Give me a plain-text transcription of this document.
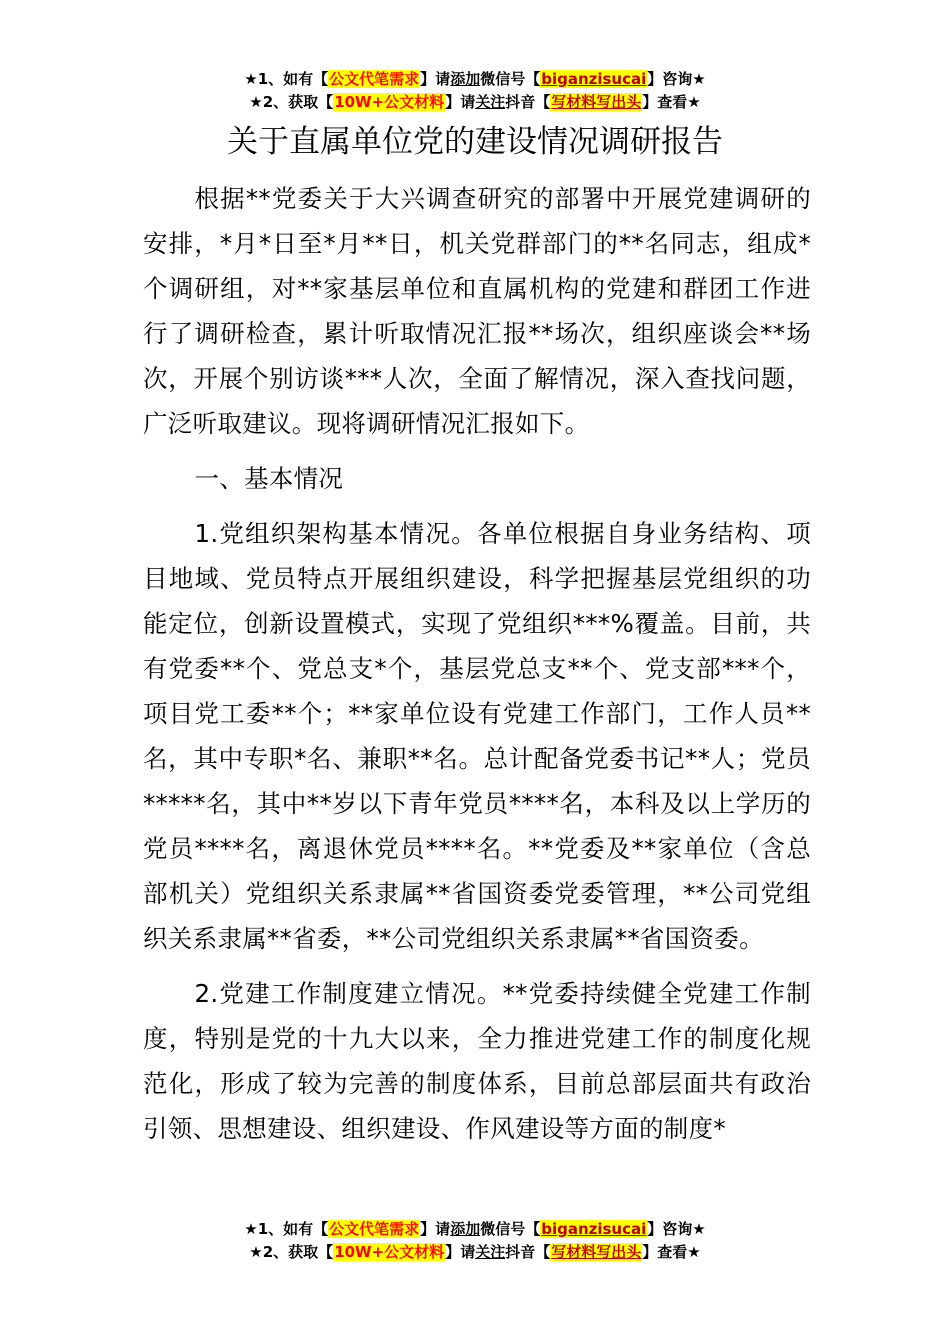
★1、如有【公文代笔需求】请添加微信号【biganzisucai】咨询★
★2、获取【10W+公文材料】请关注抖音【写材料写出头】查看★
关于直属单位党的建设情况调研报告

根据**党委关于大兴调查研究的部署中开展党建调研的安排，*月*日至*月**日，机关党群部门的**名同志，组成*个调研组，对**家基层单位和直属机构的党建和群团工作进行了调研检查，累计听取情况汇报**场次，组织座谈会**场次，开展个别访谈***人次，全面了解情况，深入查找问题，广泛听取建议。现将调研情况汇报如下。

一、基本情况

1.党组织架构基本情况。各单位根据自身业务结构、项目地域、党员特点开展组织建设，科学把握基层党组织的功能定位，创新设置模式，实现了党组织***%覆盖。目前，共有党委**个、党总支*个，基层党总支**个、党支部***个，项目党工委**个；**家单位设有党建工作部门，工作人员**名，其中专职*名、兼职**名。总计配备党委书记**人；党员*****名，其中**岁以下青年党员****名，本科及以上学历的党员****名，离退休党员****名。**党委及**家单位（含总部机关）党组织关系隶属**省国资委党委管理，**公司党组织关系隶属**省委，**公司党组织关系隶属**省国资委。

2.党建工作制度建立情况。**党委持续健全党建工作制度，特别是党的十九大以来，全力推进党建工作的制度化规范化，形成了较为完善的制度体系，目前总部层面共有政治引领、思想建设、组织建设、作风建设等方面的制度*

★1、如有【公文代笔需求】请添加微信号【biganzisucai】咨询★
★2、获取【10W+公文材料】请关注抖音【写材料写出头】查看★
